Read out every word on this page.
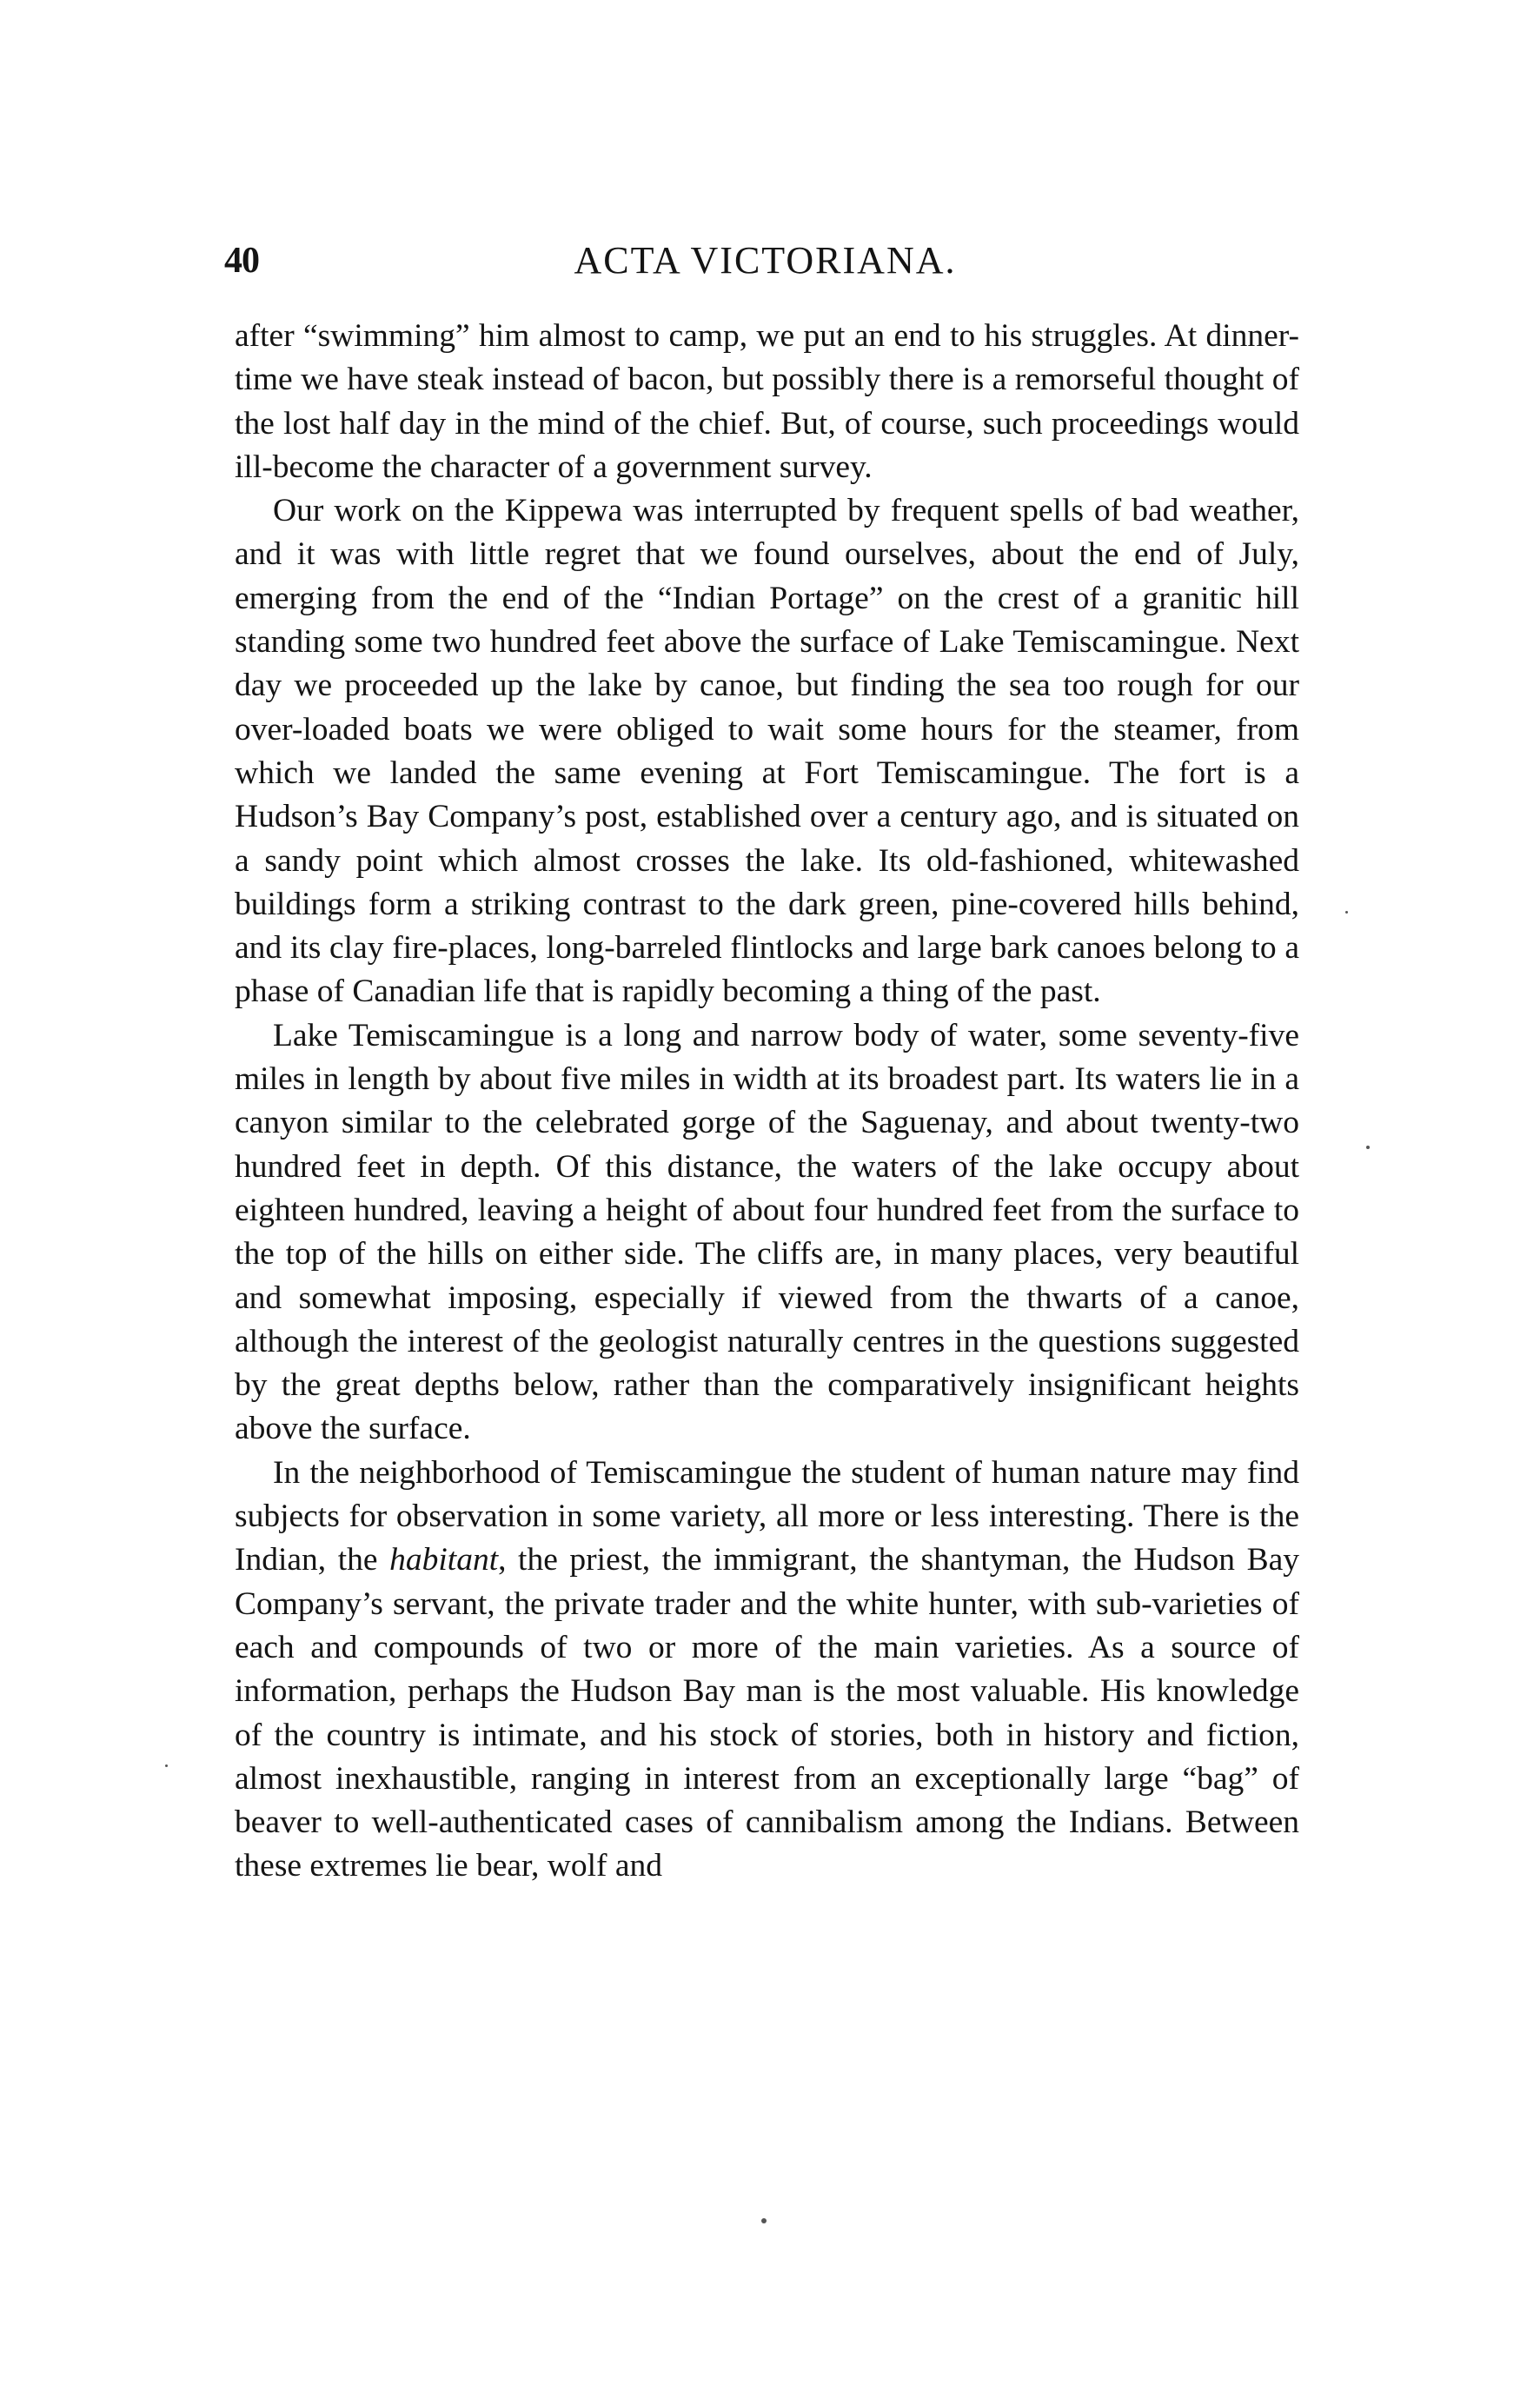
40	ACTA VICTORIANA.

after “swimming” him almost to camp, we put an end to his struggles. At dinner-time we have steak instead of bacon, but possibly there is a remorseful thought of the lost half day in the mind of the chief. But, of course, such proceedings would ill-become the character of a government survey.

Our work on the Kippewa was interrupted by frequent spells of bad weather, and it was with little regret that we found ourselves, about the end of July, emerging from the end of the “Indian Portage” on the crest of a granitic hill standing some two hundred feet above the surface of Lake Temiscamingue. Next day we proceeded up the lake by canoe, but finding the sea too rough for our over-loaded boats we were obliged to wait some hours for the steamer, from which we landed the same evening at Fort Temiscamingue. The fort is a Hudson’s Bay Company’s post, established over a century ago, and is situated on a sandy point which almost crosses the lake. Its old-fashioned, whitewashed buildings form a striking contrast to the dark green, pine-covered hills behind, and its clay fire-places, long-barreled flintlocks and large bark canoes belong to a phase of Canadian life that is rapidly becoming a thing of the past.

Lake Temiscamingue is a long and narrow body of water, some seventy-five miles in length by about five miles in width at its broadest part. Its waters lie in a canyon similar to the celebrated gorge of the Saguenay, and about twenty-two hundred feet in depth. Of this distance, the waters of the lake occupy about eighteen hundred, leaving a height of about four hundred feet from the surface to the top of the hills on either side. The cliffs are, in many places, very beautiful and somewhat imposing, especially if viewed from the thwarts of a canoe, although the interest of the geologist naturally centres in the questions suggested by the great depths below, rather than the comparatively insignificant heights above the surface.

In the neighborhood of Temiscamingue the student of human nature may find subjects for observation in some variety, all more or less interesting. There is the Indian, the habitant, the priest, the immigrant, the shantyman, the Hudson Bay Company’s servant, the private trader and the white hunter, with sub-varieties of each and compounds of two or more of the main varieties. As a source of information, perhaps the Hudson Bay man is the most valuable. His knowledge of the country is intimate, and his stock of stories, both in history and fiction, almost inexhaustible, ranging in interest from an exceptionally large “bag” of beaver to well-authenticated cases of cannibalism among the Indians. Between these extremes lie bear, wolf and
